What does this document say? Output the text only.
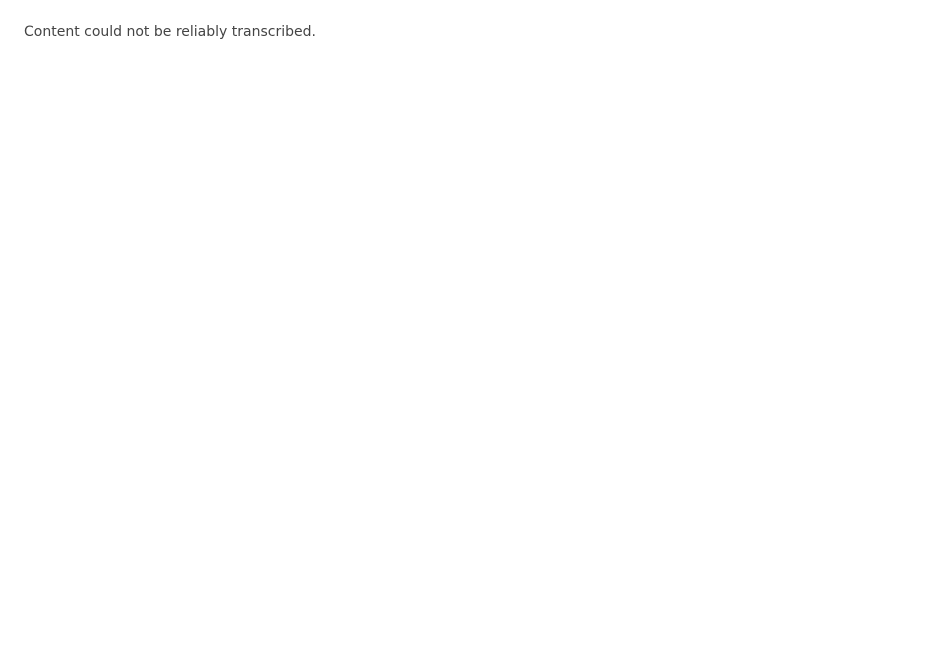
Content could not be reliably transcribed.
